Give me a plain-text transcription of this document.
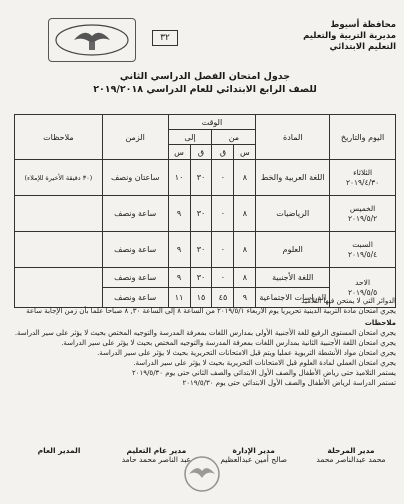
محافظة أسيوط
مديرية التربية والتعليم
التعليم الابتدائي
٣٢
جدول امتحان الفصل الدراسي الثاني
للصف الرابع الابتدائي للعام الدراسي ٢٠١٩/٢٠١٨
اليوم والتاريخ	المادة	الوقت				الزمن	ملاحظات
		من		إلى			
		س	ق	ق	س		

الثلاثاء
٢٠١٩/٤/٣٠	اللغة العربية والخط	٨	٠	٣٠	١٠	ساعتان ونصف	(٣٠ دقيقة الأخيرة للإملاء)

الخميس
٢٠١٩/٥/٢	الرياضيات	٨	٠	٣٠	٩	ساعة ونصف	

السبت
٢٠١٩/٥/٤	العلوم	٨	٠	٣٠	٩	ساعة ونصف	

الاحد
٢٠١٩/٥/٥	اللغة الأجنبية	٨	٠	٣٠	٩	ساعة ونصف	
	الدراسات الاجتماعية	٩	٤٥	١٥	١١	ساعة ونصف		الدوائر التي لا يمتحن فيها التلاميذ
يجري امتحان مادة التربية الدينية تحريريا يوم الاربعاء ٢٠١٩/٥/١ من الساعة ٨ إلى الساعة ٣٠, ٨ صباحا علما بأن زمن الإجابة ساعة
ملاحظات
يجري امتحان المستوى الرفيع للغة الأجنبية الأولى بمدارس اللغات بمعرفة المدرسة والتوجيه المختص بحيث لا يؤثر على سير الدراسة.
يجري امتحان اللغة الأجنبية الثانية بمدارس اللغات بمعرفة المدرسة والتوجيه المختص بحيث لا يؤثر على سير الدراسة.
يجري امتحان مواد الأنشطة التربوية عمليا ويتم قبل الامتحانات التحريرية بحيث لا يؤثر على سير الدراسة.
يجري امتحان العملي لمادة العلوم قبل الامتحانات التحريرية بحيث لا يؤثر على سير الدراسة.
يستمر التلاميذ حتى رياض الأطفال والصف الأول الابتدائي والصف الثاني حتى يوم ٢٠١٩/٥/٣٠
تستمر الدراسة لرياض الأطفال والصف الأول الابتدائي حتى يوم ٢٠١٩/٥/٣٠
مدير المرحلة
محمد عبدالناصر محمد
مدير الإدارة
صالح أمين عبدالعظيم
مدير عام التعليم
عبد الناصر محمد حامد
المدير العام
